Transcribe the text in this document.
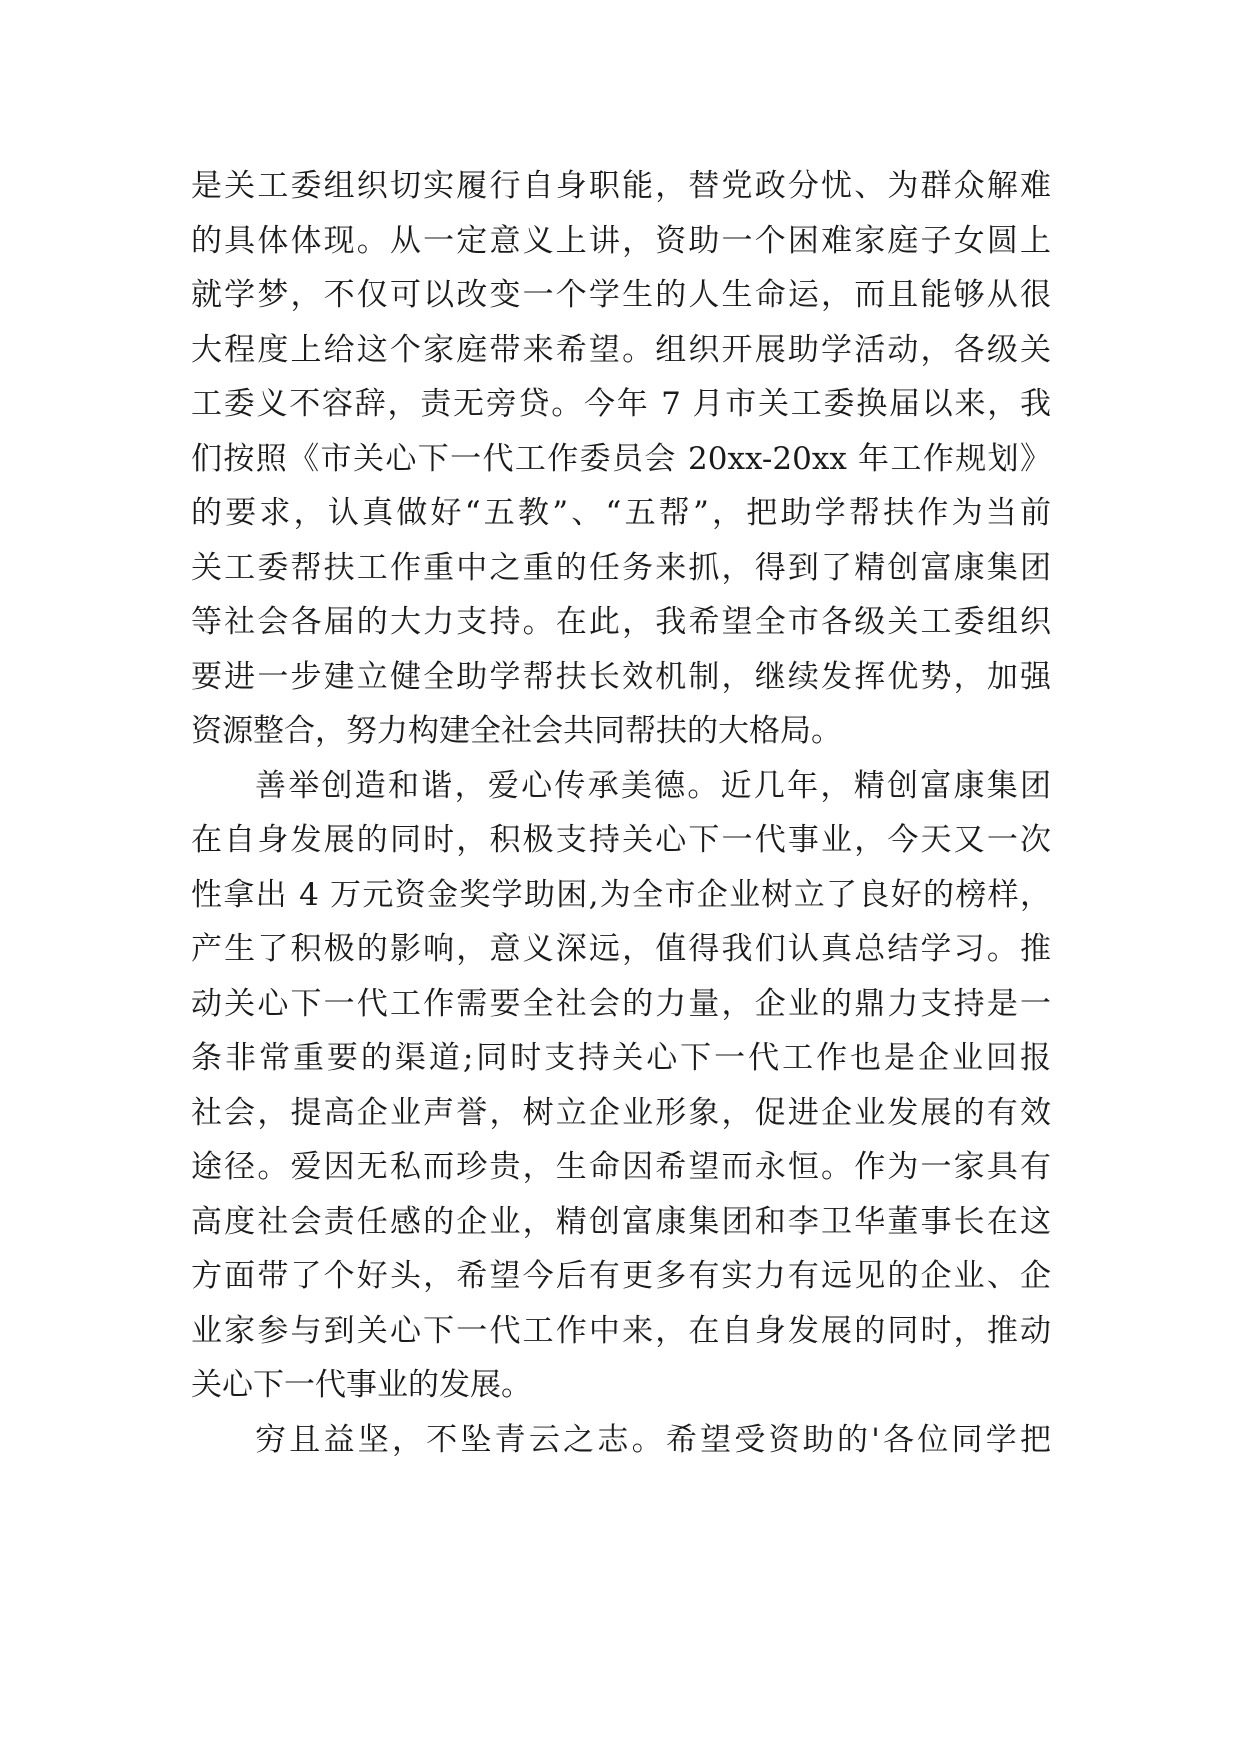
是关工委组织切实履行自身职能，替党政分忧、为群众解难
的具体体现。从一定意义上讲，资助一个困难家庭子女圆上
就学梦，不仅可以改变一个学生的人生命运，而且能够从很
大程度上给这个家庭带来希望。组织开展助学活动，各级关
工委义不容辞，责无旁贷。今年 7 月市关工委换届以来，我
们按照《市关心下一代工作委员会 20xx-20xx 年工作规划》
的要求，认真做好“五教”、“五帮”，把助学帮扶作为当前
关工委帮扶工作重中之重的任务来抓，得到了精创富康集团
等社会各届的大力支持。在此，我希望全市各级关工委组织
要进一步建立健全助学帮扶长效机制，继续发挥优势，加强
资源整合，努力构建全社会共同帮扶的大格局。
善举创造和谐，爱心传承美德。近几年，精创富康集团
在自身发展的同时，积极支持关心下一代事业，今天又一次
性拿出 4 万元资金奖学助困,为全市企业树立了良好的榜样，
产生了积极的影响，意义深远，值得我们认真总结学习。推
动关心下一代工作需要全社会的力量，企业的鼎力支持是一
条非常重要的渠道;同时支持关心下一代工作也是企业回报
社会，提高企业声誉，树立企业形象，促进企业发展的有效
途径。爱因无私而珍贵，生命因希望而永恒。作为一家具有
高度社会责任感的企业，精创富康集团和李卫华董事长在这
方面带了个好头，希望今后有更多有实力有远见的企业、企
业家参与到关心下一代工作中来，在自身发展的同时，推动
关心下一代事业的发展。
穷且益坚，不坠青云之志。希望受资助的'各位同学把
